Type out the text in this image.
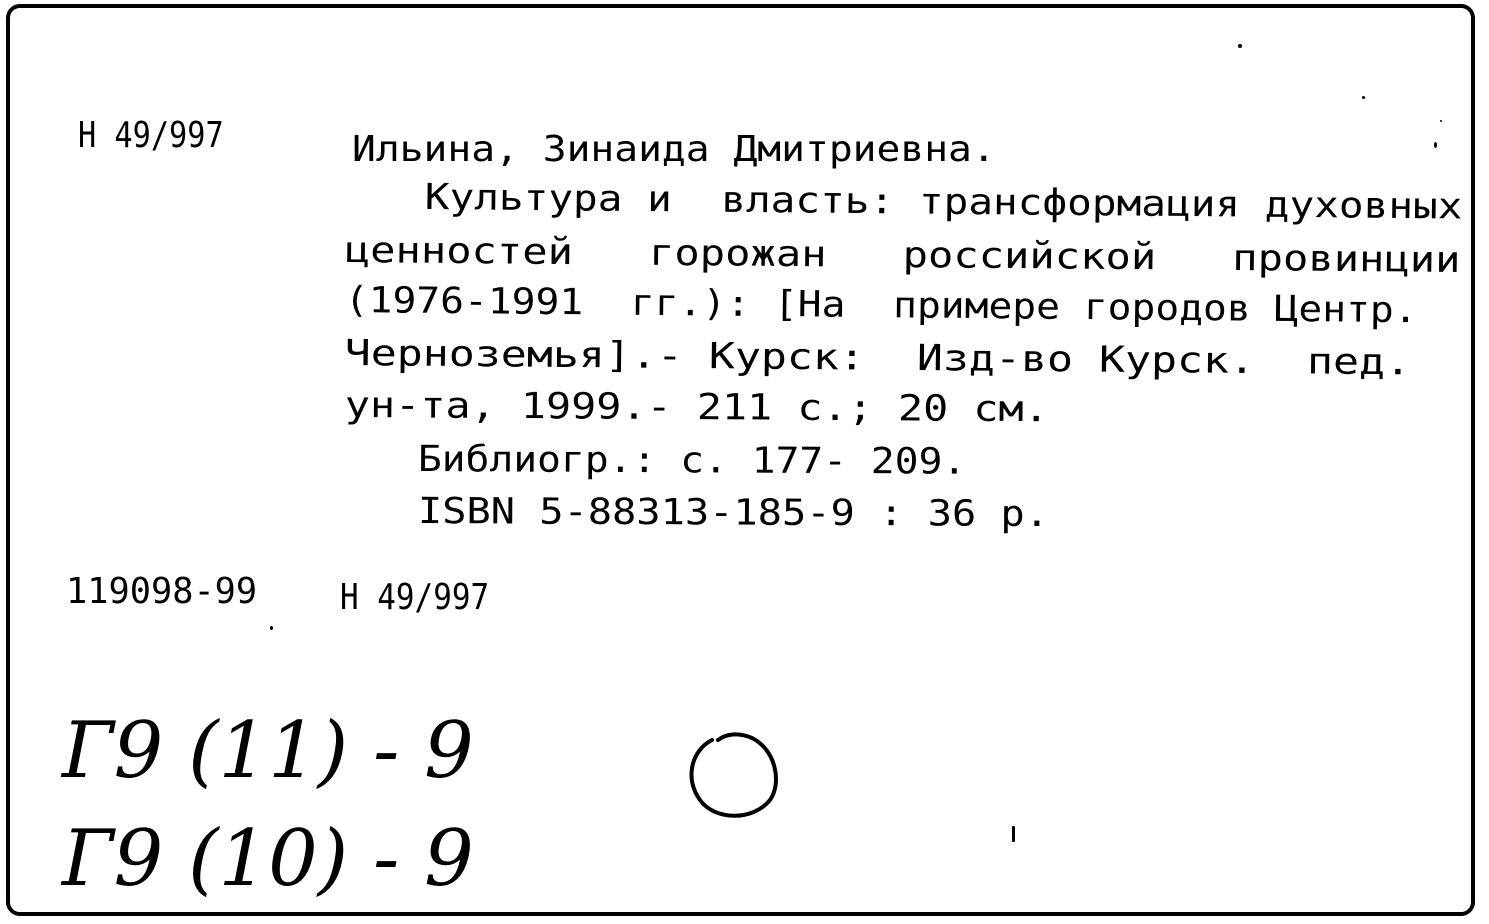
Н 49/997	Ильина, Зинаида Дмитриевна.
Культура и  власть: трансформация духовных
ценностей   горожан   российской   провинции
(1976-1991  гг.): [На  примере городов Центр.
Черноземья].- Курск:  Изд-во Курск.  пед.
ун-та, 1999.- 211 с.; 20 см.
Библиогр.: с. 177- 209.
ISBN 5-88313-185-9 : 36 р.
119098-99 Н 49/997
Г9 (11) - 9
Г9 (10) - 9
